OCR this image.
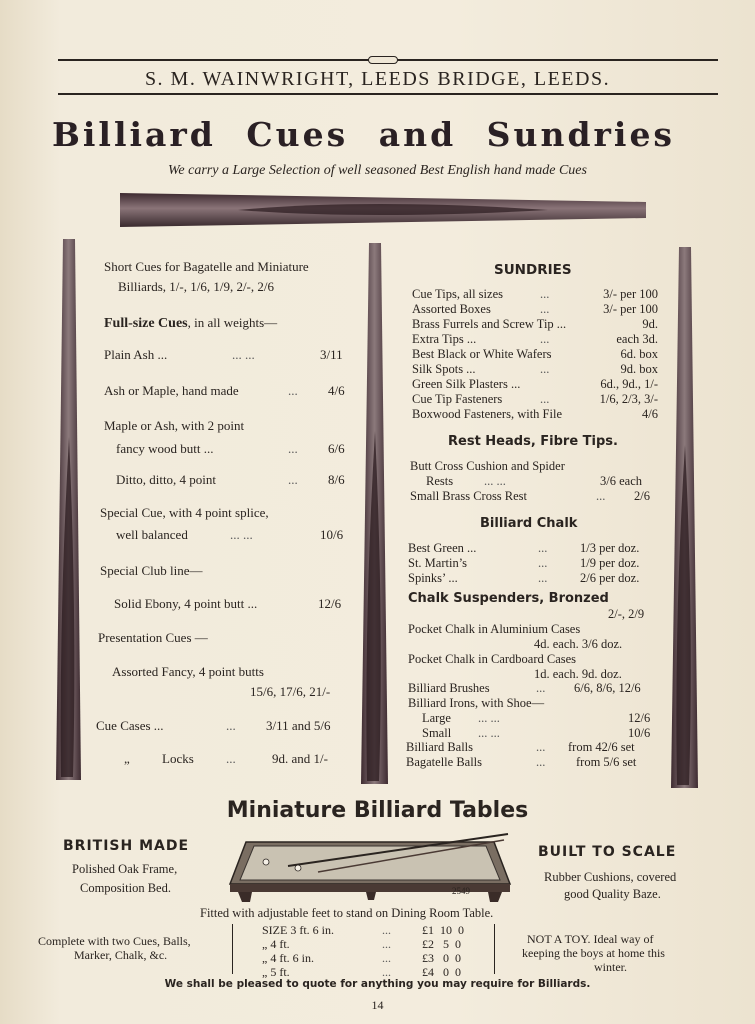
S. M. WAINWRIGHT, LEEDS BRIDGE, LEEDS.
Billiard Cues and Sundries
We carry a Large Selection of well seasoned Best English hand made Cues
Short Cues for Bagatelle and Miniature
Billiards, 1/-, 1/6, 1/9, 2/-, 2/6
Full-size Cues, in all weights—
Plain Ash ...	... ...	3/11
Ash or Maple, hand made	... 4/6
Maple or Ash, with 2 point
fancy wood butt ...	... 6/6
Ditto, ditto, 4 point	... 8/6
Special Cue, with 4 point splice,
well balanced	... ...	10/6
Special Club line—
Solid Ebony, 4 point butt ...	12/6
Presentation Cues —
Assorted Fancy, 4 point butts
15/6, 17/6, 21/-
Cue Cases ...	... 3/11 and 5/6
„ Locks ...	9d. and 1/-
SUNDRIES
Cue Tips, all sizes	...	3/- per 100
Assorted Boxes	...	3/- per 100
Brass Furrels and Screw Tip ...	9d.
Extra Tips ...	...	each 3d.
Best Black or White Wafers	6d. box
Silk Spots ...	...	9d. box
Green Silk Plasters ...	6d., 9d., 1/-
Cue Tip Fasteners	...	1/6, 2/3, 3/-
Boxwood Fasteners, with File	4/6
Rest Heads, Fibre Tips.
Butt Cross Cushion and Spider
Rests ... ...	3/6 each
Small Brass Cross Rest	... 2/6
Billiard Chalk
Best Green ...	...	1/3 per doz.
St. Martin’s	...	1/9 per doz.
Spinks’ ...	...	2/6 per doz.
Chalk Suspenders, Bronzed
2/-, 2/9
Pocket Chalk in Aluminium Cases
4d. each. 3/6 doz.
Pocket Chalk in Cardboard Cases
1d. each. 9d. doz.
Billiard Brushes	... 6/6, 8/6, 12/6
Billiard Irons, with Shoe—
Large ... ...	12/6
Small ... ...	10/6
Billiard Balls	... from 42/6 set
Bagatelle Balls	... from 5/6 set
Miniature Billiard Tables
BRITISH MADE
Polished Oak Frame,
Composition Bed.
BUILT TO SCALE
Rubber Cushions, covered
good Quality Baze.
2549
Fitted with adjustable feet to stand on Dining Room Table.
Complete with two Cues, Balls,
Marker, Chalk, &c.
SIZE 3 ft. 6 in.	...	£1  10  0
„ 4 ft.	...	£2   5  0
„ 4 ft. 6 in.	...	£3   0  0
„ 5 ft.	...	£4   0  0
NOT A TOY. Ideal way of
keeping the boys at home this
winter.
We shall be pleased to quote for anything you may require for Billiards.
14
